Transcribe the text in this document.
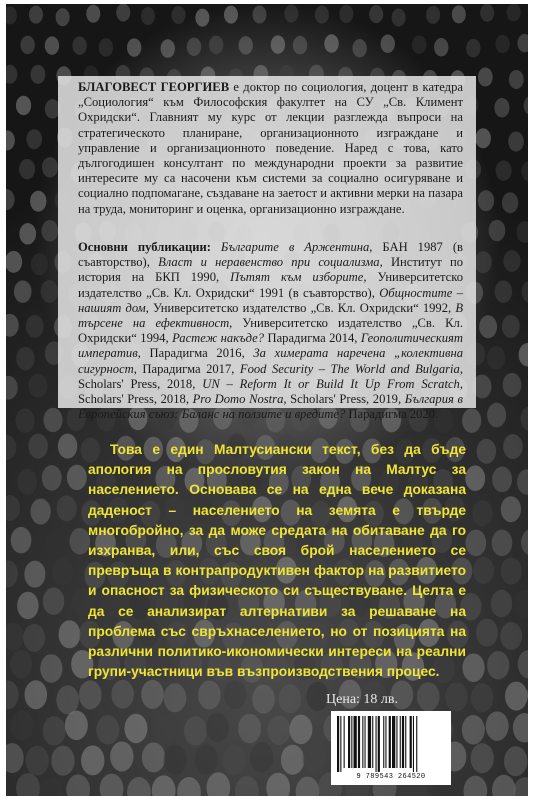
БЛАГОВЕСТ ГЕОРГИЕВ е доктор по социология, доцент в катедра „Социология“ към Философския факултет на СУ „Св. Климент Охридски“. Главният му курс от лекции разглежда въпроси на стратегическото планиране, организационното изграждане и управление и организационното поведение. Наред с това, като дългогодишен консултант по международни проекти за развитие интересите му са насочени към системи за социално осигуряване и социално подпомагане, създаване на заетост и активни мерки на пазара на труда, мониторинг и оценка, организационно изграждане.

Основни публикации: Българите в Аржентина, БАН 1987 (в съавторство), Власт и неравенство при социализма, Институт по история на БКП 1990, Пътят към изборите, Университетско издателство „Св. Кл. Охридски“ 1991 (в съавторство), Общностите – нашият дом, Университетско издателство „Св. Кл. Охридски“ 1992, В търсене на ефективност, Университетско издателство „Св. Кл. Охридски“ 1994, Растеж накъде? Парадигма 2014, Геополитическият императив, Парадигма 2016, За химерата наречена „колективна сигурност, Парадигма 2017, Food Security – The World and Bulgaria, Scholars' Press, 2018, UN – Reform It or Build It Up From Scratch, Scholars' Press, 2018, Pro Domo Nostra, Scholars' Press, 2019, България в Европейския съюз: Баланс на ползите и вредите? Парадигма 2020.

Това е един Малтусиански текст, без да бъде апология на прословутия закон на Малтус за населението. Основава се на една вече доказана даденост – населението на земята е твърде многобройно, за да може средата на обитаване да го изхранва, или, със своя брой населението се превръща в контрапродуктивен фактор на развитието и опасност за физическото си съществуване. Целта е да се анализират алтернативи за решаване на проблема със свръхнаселението, но от позицията на различни политико-икономически интереси на реални групи-участници във възпроизводствения процес.

Цена: 18 лв.
9 789543 264520
